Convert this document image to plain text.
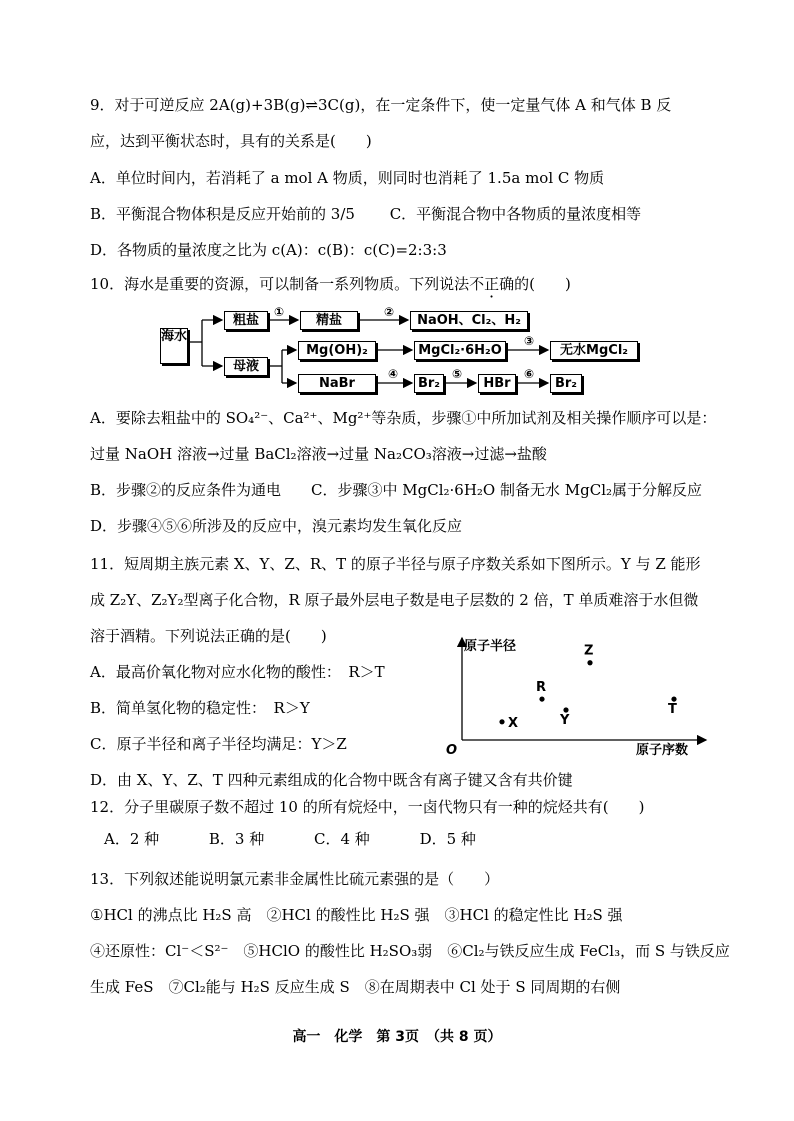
9．对于可逆反应 2A(g)+3B(g)⇌3C(g)，在一定条件下，使一定量气体 A 和气体 B 反
应，达到平衡状态时，具有的关系是(　　)
A．单位时间内，若消耗了 a mol A 物质，则同时也消耗了 1.5a mol C 物质
B．平衡混合物体积是反应开始前的 3/5　　 C．平衡混合物中各物质的量浓度相等
D．各物质的量浓度之比为 c(A)：c(B)：c(C)=2:3:3
10．海水是重要的资源，可以制备一系列物质。下列说法不正确的(　　)
海水
粗盐	精盐	NaOH、Cl₂、H₂
母液
Mg(OH)₂	MgCl₂·6H₂O	无水MgCl₂
NaBr	Br₂	HBr	Br₂
①	②
③
④	⑤	⑥
A．要除去粗盐中的 SO₄²⁻、Ca²⁺、Mg²⁺等杂质，步骤①中所加试剂及相关操作顺序可以是：
过量 NaOH 溶液→过量 BaCl₂溶液→过量 Na₂CO₃溶液→过滤→盐酸
B．步骤②的反应条件为通电　　C．步骤③中 MgCl₂·6H₂O 制备无水 MgCl₂属于分解反应
D．步骤④⑤⑥所涉及的反应中，溴元素均发生氧化反应
11．短周期主族元素 X、Y、Z、R、T 的原子半径与原子序数关系如下图所示。Y 与 Z 能形
成 Z₂Y、Z₂Y₂型离子化合物，R 原子最外层电子数是电子层数的 2 倍，T 单质难溶于水但微
溶于酒精。下列说法正确的是(　　)
A．最高价氧化物对应水化物的酸性：　R＞T
B．简单氢化物的稳定性：　R＞Y
C．原子半径和离子半径均满足：Y＞Z
D．由 X、Y、Z、T 四种元素组成的化合物中既含有离子键又含有共价键
原子半径
原子序数
O
X
R
Y
Z
T
12．分子里碳原子数不超过 10 的所有烷烃中，一卤代物只有一种的烷烃共有(　　)
A．2 种　　　 B．3 种　　　 C．4 种　　　 D．5 种
13．下列叙述能说明氯元素非金属性比硫元素强的是（　　）
①HCl 的沸点比 H₂S 高　②HCl 的酸性比 H₂S 强　③HCl 的稳定性比 H₂S 强
④还原性：Cl⁻＜S²⁻　⑤HClO 的酸性比 H₂SO₃弱　⑥Cl₂与铁反应生成 FeCl₃，而 S 与铁反应
生成 FeS　⑦Cl₂能与 H₂S 反应生成 S　⑧在周期表中 Cl 处于 S 同周期的右侧
高一　化学　第 3页　（共 8 页）
